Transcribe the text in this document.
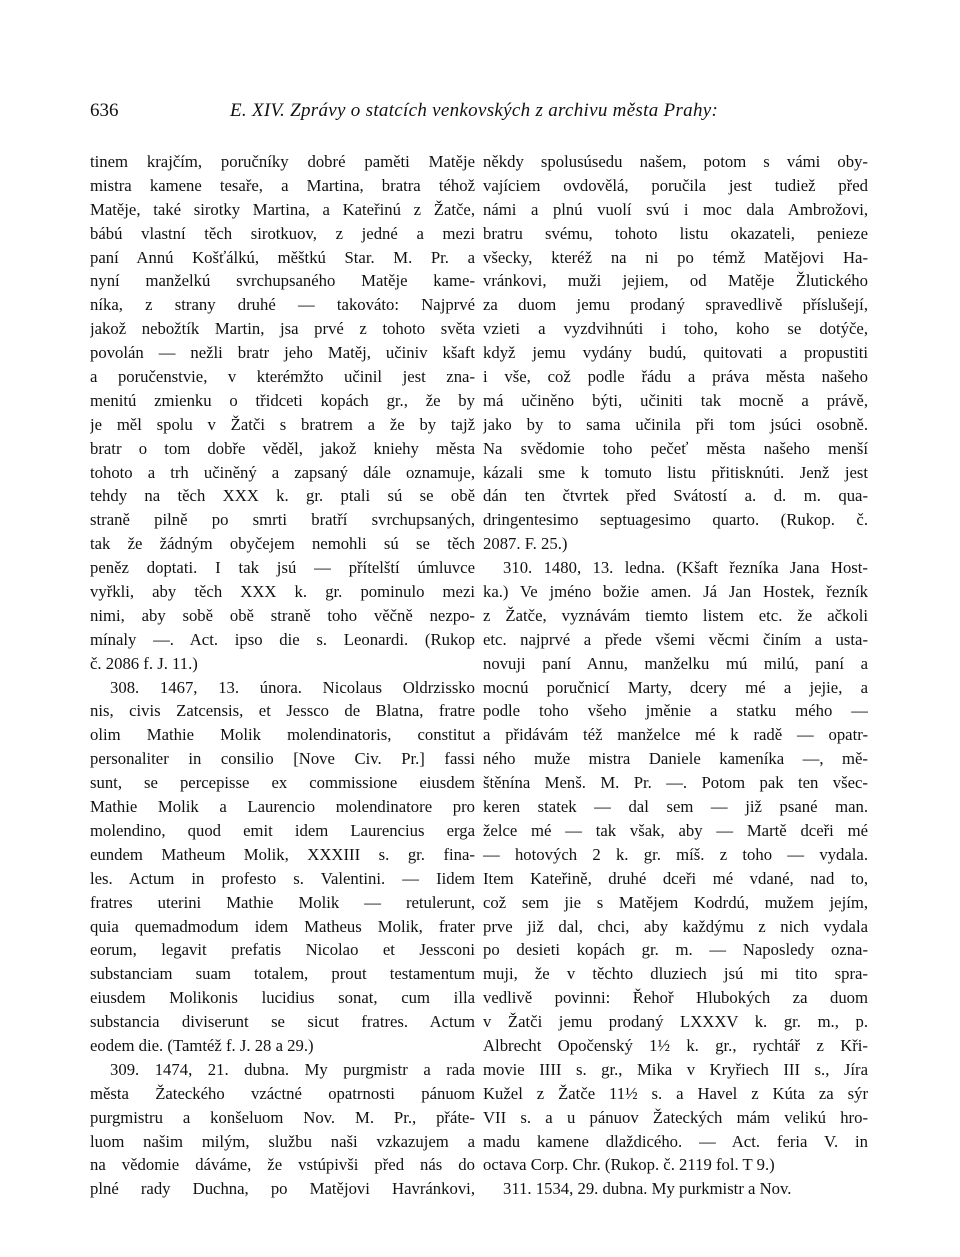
636	E. XIV. Zprávy o statcích venkovských z archivu města Prahy:
tinem krajčím, poručníky dobré paměti Matěje
mistra kamene tesaře, a Martina, bratra téhož
Matěje, také sirotky Martina, a Kateřinú z Žatče,
bábú vlastní těch sirotkuov, z jedné a mezi
paní Annú Košťálkú, měštkú Star. M. Pr. a
nyní manželkú svrchupsaného Matěje kame-
níka, z strany druhé — takováto: Najprvé
jakož nebožtík Martin, jsa prvé z tohoto světa
povolán — nežli bratr jeho Matěj, učiniv kšaft
a poručenstvie, v kterémžto učinil jest zna-
menitú zmienku o třidceti kopách gr., že by
je měl spolu v Žatči s bratrem a že by tajž
bratr o tom dobře věděl, jakož kniehy města
tohoto a trh učiněný a zapsaný dále oznamuje,
tehdy na těch XXX k. gr. ptali sú se obě
straně pilně po smrti bratří svrchupsaných,
tak že žádným obyčejem nemohli sú se těch
peněz doptati. I tak jsú — přítelští úmluvce
vyřkli, aby těch XXX k. gr. pominulo mezi
nimi, aby sobě obě straně toho věčně nezpo-
mínaly —. Act. ipso die s. Leonardi. (Rukop
č. 2086 f. J. 11.)
308. 1467, 13. února. Nicolaus Oldrzissko
nis, civis Zatcensis, et Jessco de Blatna, fratre
olim Mathie Molik molendinatoris, constitut
personaliter in consilio [Nove Civ. Pr.] fassi
sunt, se percepisse ex commissione eiusdem
Mathie Molik a Laurencio molendinatore pro
molendino, quod emit idem Laurencius erga
eundem Matheum Molik, XXXIII s. gr. fina-
les. Actum in profesto s. Valentini. — Iidem
fratres uterini Mathie Molik — retulerunt,
quia quemadmodum idem Matheus Molik, frater
eorum, legavit prefatis Nicolao et Jessconi
substanciam suam totalem, prout testamentum
eiusdem Molikonis lucidius sonat, cum illa
substancia diviserunt se sicut fratres. Actum
eodem die. (Tamtéž f. J. 28 a 29.)
309. 1474, 21. dubna. My purgmistr a rada
města Žateckého vzáctné opatrnosti pánuom
purgmistru a konšeluom Nov. M. Pr., přáte-
luom našim milým, službu naši vzkazujem a
na vědomie dáváme, že vstúpivši před nás do
plné rady Duchna, po Matějovi Havránkovi,
někdy spolusúsedu našem, potom s vámi oby-
vajíciem ovdovělá, poručila jest tudiež před
námi a plnú vuolí svú i moc dala Ambrožovi,
bratru svému, tohoto listu okazateli, penieze
všecky, kteréž na ni po témž Matějovi Ha-
vránkovi, muži jejiem, od Matěje Žlutického
za duom jemu prodaný spravedlivě příslušejí,
vzieti a vyzdvihnúti i toho, koho se dotýče,
když jemu vydány budú, quitovati a propustiti
i vše, což podle řádu a práva města našeho
má učiněno býti, učiniti tak mocně a právě,
jako by to sama učinila při tom jsúci osobně.
Na svědomie toho pečeť města našeho menší
kázali sme k tomuto listu přitisknúti. Jenž jest
dán ten čtvrtek před Svátostí a. d. m. qua-
dringentesimo septuagesimo quarto. (Rukop. č.
2087. F. 25.)
310. 1480, 13. ledna. (Kšaft řezníka Jana Host-
ka.) Ve jméno božie amen. Já Jan Hostek, řezník
z Žatče, vyznávám tiemto listem etc. že ačkoli
etc. najprvé a přede všemi věcmi činím a usta-
novuji paní Annu, manželku mú milú, paní a
mocnú poručnicí Marty, dcery mé a jejie, a
podle toho všeho jměnie a statku mého —
a přidávám též manželce mé k radě — opatr-
ného muže mistra Daniele kameníka —, mě-
štěnína Menš. M. Pr. —. Potom pak ten všec-
keren statek — dal sem — již psané man.
želce mé — tak však, aby — Martě dceři mé
— hotových 2 k. gr. míš. z toho — vydala.
Item Kateřině, druhé dceři mé vdané, nad to,
což sem jie s Matějem Kodrdú, mužem jejím,
prve již dal, chci, aby každýmu z nich vydala
po desieti kopách gr. m. — Naposledy ozna-
muji, že v těchto dluziech jsú mi tito spra-
vedlivě povinni: Řehoř Hlubokých za duom
v Žatči jemu prodaný LXXXV k. gr. m., p.
Albrecht Opočenský 1½ k. gr., rychtář z Kři-
movie IIII s. gr., Mika v Kryřiech III s., Jíra
Kužel z Žatče 11½ s. a Havel z Kúta za sýr
VII s. a u pánuov Žateckých mám velikú hro-
madu kamene dlaždicého. — Act. feria V. in
octava Corp. Chr. (Rukop. č. 2119 fol. T 9.)
311. 1534, 29. dubna. My purkmistr a Nov.
